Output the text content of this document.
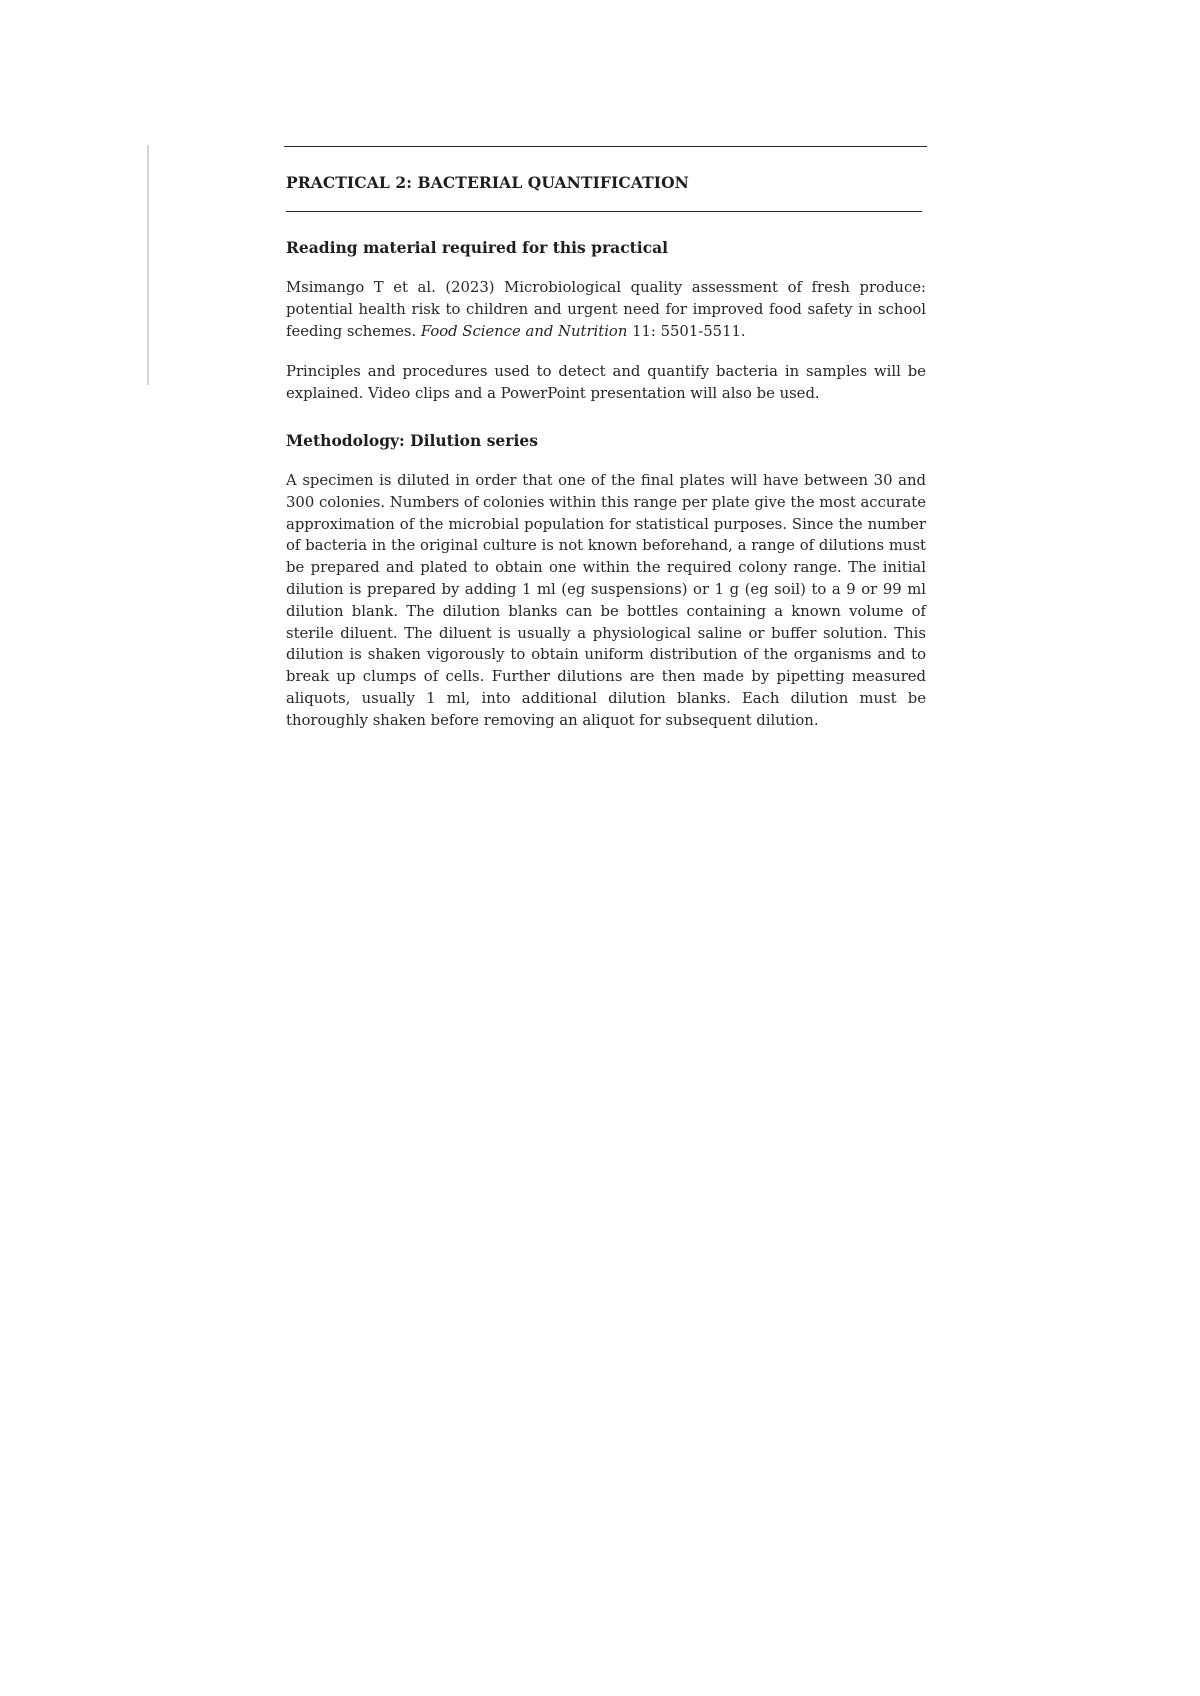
PRACTICAL 2: BACTERIAL QUANTIFICATION
Reading material required for this practical

Msimango T et al. (2023) Microbiological quality assessment of fresh produce: potential health risk to children and urgent need for improved food safety in school feeding schemes. Food Science and Nutrition 11: 5501-5511.

Principles and procedures used to detect and quantify bacteria in samples will be explained. Video clips and a PowerPoint presentation will also be used.

Methodology: Dilution series

A specimen is diluted in order that one of the final plates will have between 30 and 300 colonies. Numbers of colonies within this range per plate give the most accurate approximation of the microbial population for statistical purposes. Since the number of bacteria in the original culture is not known beforehand, a range of dilutions must be prepared and plated to obtain one within the required colony range. The initial dilution is prepared by adding 1 ml (eg suspensions) or 1 g (eg soil) to a 9 or 99 ml dilution blank. The dilution blanks can be bottles containing a known volume of sterile diluent. The diluent is usually a physiological saline or buffer solution. This dilution is shaken vigorously to obtain uniform distribution of the organisms and to break up clumps of cells. Further dilutions are then made by pipetting measured aliquots, usually 1 ml, into additional dilution blanks. Each dilution must be thoroughly shaken before removing an aliquot for subsequent dilution.
